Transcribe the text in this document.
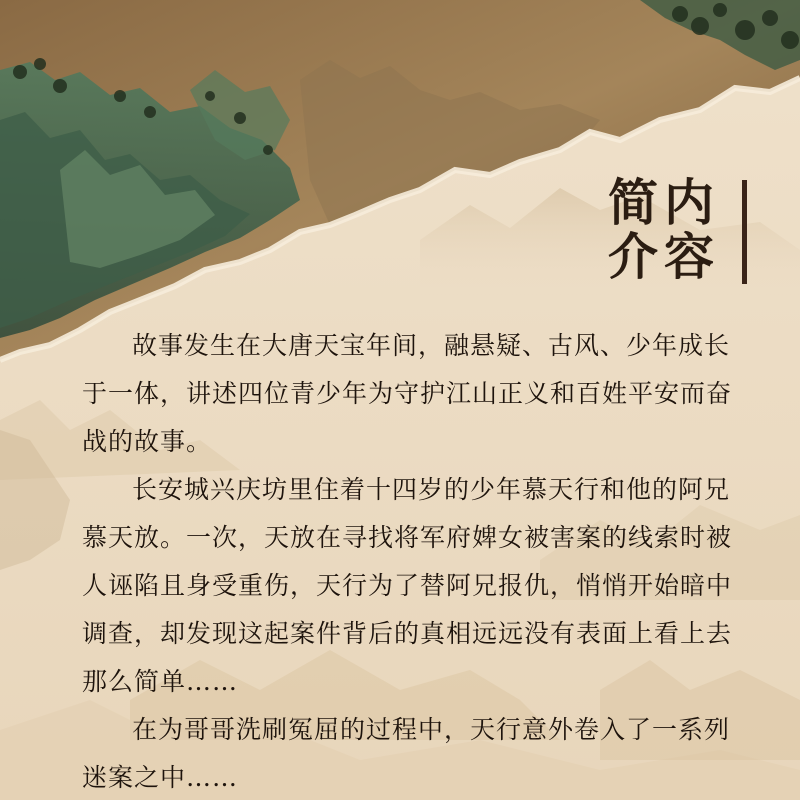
内
容
简
介

故事发生在大唐天宝年间，融悬疑、古风、少年成长于一体，讲述四位青少年为守护江山正义和百姓平安而奋战的故事。

长安城兴庆坊里住着十四岁的少年慕天行和他的阿兄慕天放。一次，天放在寻找将军府婢女被害案的线索时被人诬陷且身受重伤，天行为了替阿兄报仇，悄悄开始暗中调查，却发现这起案件背后的真相远远没有表面上看上去那么简单……

在为哥哥洗刷冤屈的过程中，天行意外卷入了一系列迷案之中……
